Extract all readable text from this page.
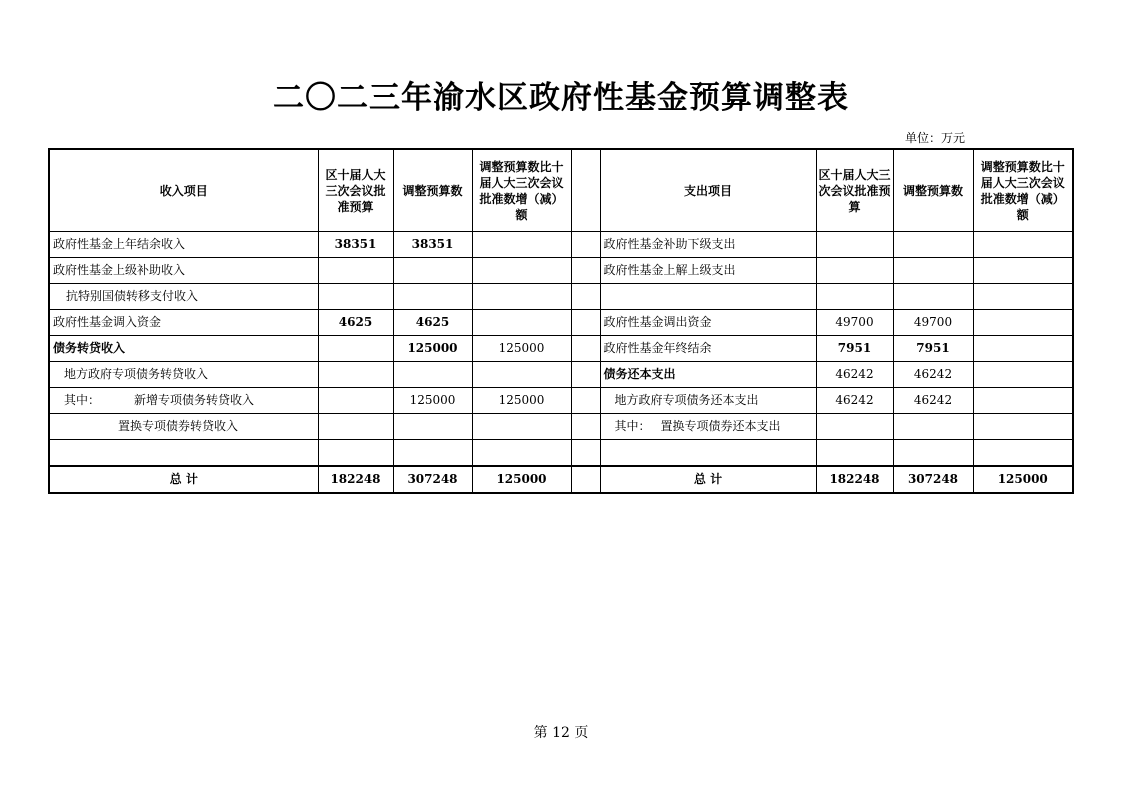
二〇二三年渝水区政府性基金预算调整表
单位：万元
收入项目	区十届人大三次会议批准预算	调整预算数	调整预算数比十届人大三次会议批准数增（减）额		支出项目	区十届人大三次会议批准预算	调整预算数	调整预算数比十届人大三次会议批准数增（减）额
政府性基金上年结余收入	38351	38351			政府性基金补助下级支出			
政府性基金上级补助收入					政府性基金上解上级支出			
抗特别国债转移支付收入								
政府性基金调入资金	4625	4625			政府性基金调出资金	49700	49700	
债务转贷收入		125000	125000		政府性基金年终结余	7951	7951	
地方政府专项债务转贷收入					债务还本支出	46242	46242	
其中： 新增专项债务转贷收入		125000	125000		地方政府专项债务还本支出	46242	46242	
置换专项债券转贷收入					其中： 置换专项债券还本支出			

总 计	182248	307248	125000		总 计	182248	307248	125000
第 12 页
